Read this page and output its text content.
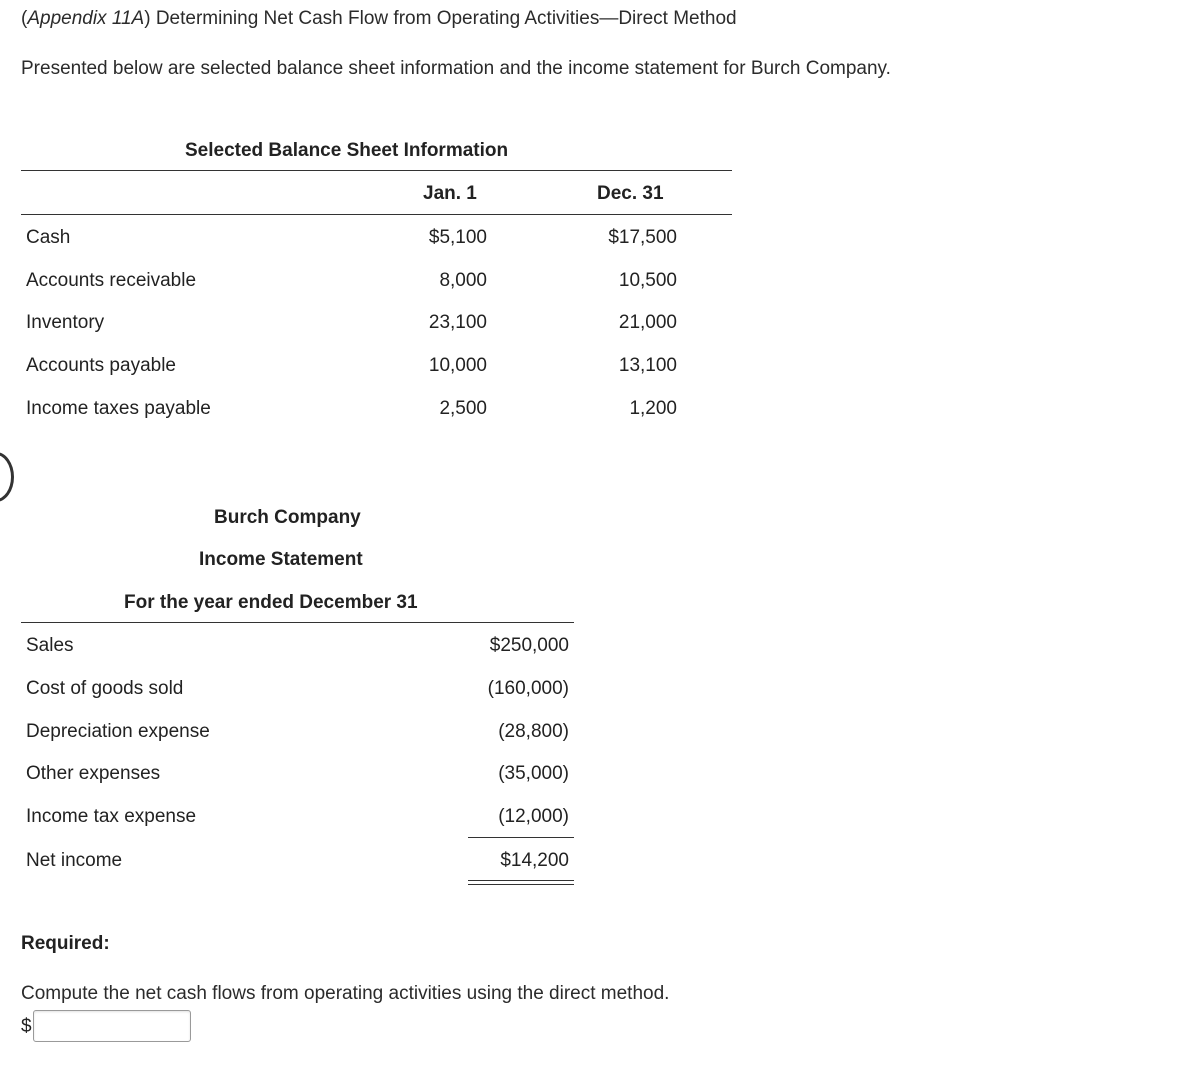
(Appendix 11A) Determining Net Cash Flow from Operating Activities—Direct Method
Presented below are selected balance sheet information and the income statement for Burch Company.
Selected Balance Sheet Information
Jan. 1	Dec. 31
Cash	$5,100	$17,500
Accounts receivable	8,000	10,500
Inventory	23,100	21,000
Accounts payable	10,000	13,100
Income taxes payable	2,500	1,200
Burch Company
Income Statement
For the year ended December 31
Sales	$250,000
Cost of goods sold	(160,000)
Depreciation expense	(28,800)
Other expenses	(35,000)
Income tax expense	(12,000)
Net income	$14,200
Required:
Compute the net cash flows from operating activities using the direct method.
$
